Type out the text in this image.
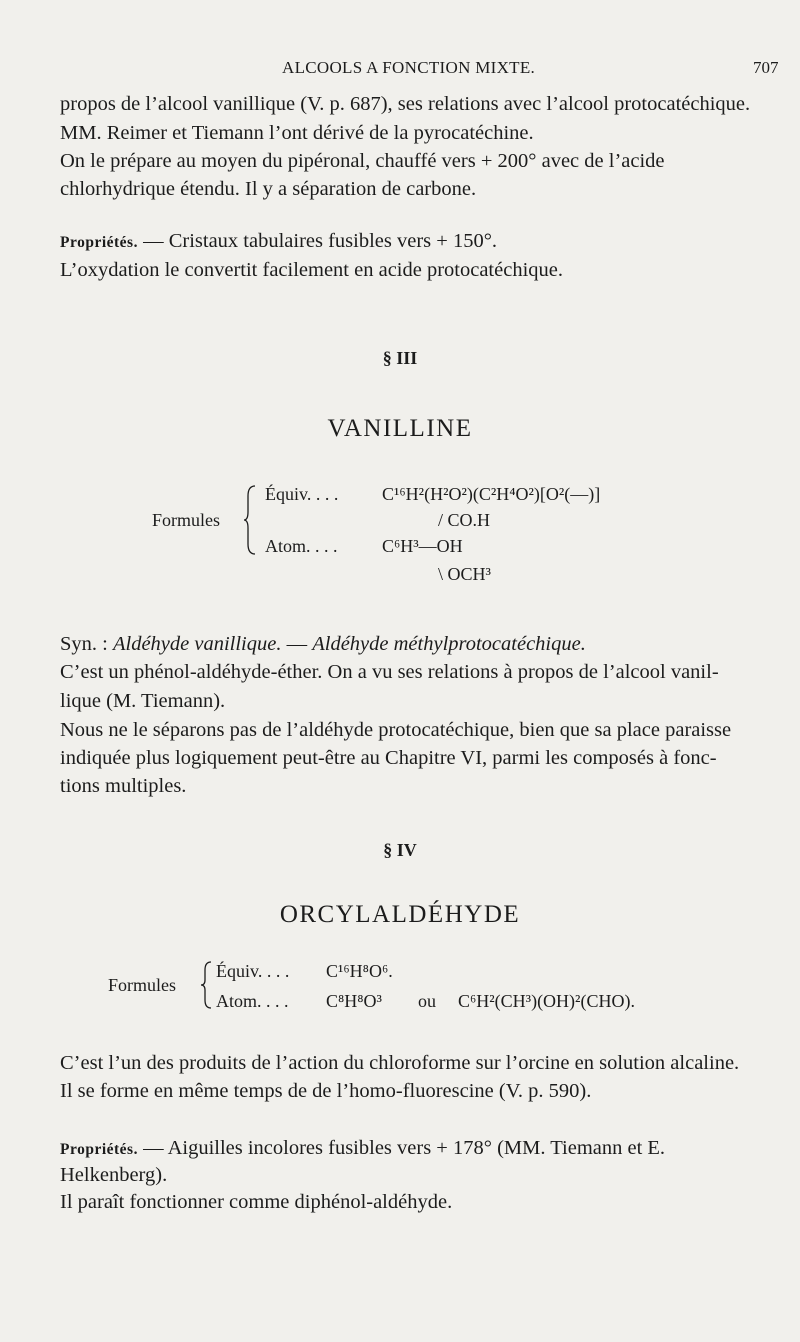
ALCOOLS A FONCTION MIXTE.	707
propos de l’alcool vanillique (V. p. 687), ses relations avec l’alcool protocatéchique.
MM. Reimer et Tiemann l’ont dérivé de la pyrocatéchine.
On le prépare au moyen du pipéronal, chauffé vers + 200° avec de l’acide
chlorhydrique étendu. Il y a séparation de carbone.
Propriétés. — Cristaux tabulaires fusibles vers + 150°.
L’oxydation le convertit facilement en acide protocatéchique.
§ III
VANILLINE
Formules
Équiv. . . . C¹⁶H²(H²O²)(C²H⁴O²)[O²(—)]
/ CO.H
Atom. . . . C⁶H³—OH
\ OCH³
Syn. : Aldéhyde vanillique. — Aldéhyde méthylprotocatéchique.
C’est un phénol-aldéhyde-éther. On a vu ses relations à propos de l’alcool vanil-
lique (M. Tiemann).
Nous ne le séparons pas de l’aldéhyde protocatéchique, bien que sa place paraisse
indiquée plus logiquement peut-être au Chapitre VI, parmi les composés à fonc-
tions multiples.
§ IV
ORCYLALDÉHYDE
Formules
Équiv. . . . C¹⁶H⁸O⁶.
Atom. . . . C⁸H⁸O³ ou C⁶H²(CH³)(OH)²(CHO).
C’est l’un des produits de l’action du chloroforme sur l’orcine en solution alcaline.
Il se forme en même temps de de l’homo-fluorescine (V. p. 590).
Propriétés. — Aiguilles incolores fusibles vers + 178° (MM. Tiemann et E.
Helkenberg).
Il paraît fonctionner comme diphénol-aldéhyde.
